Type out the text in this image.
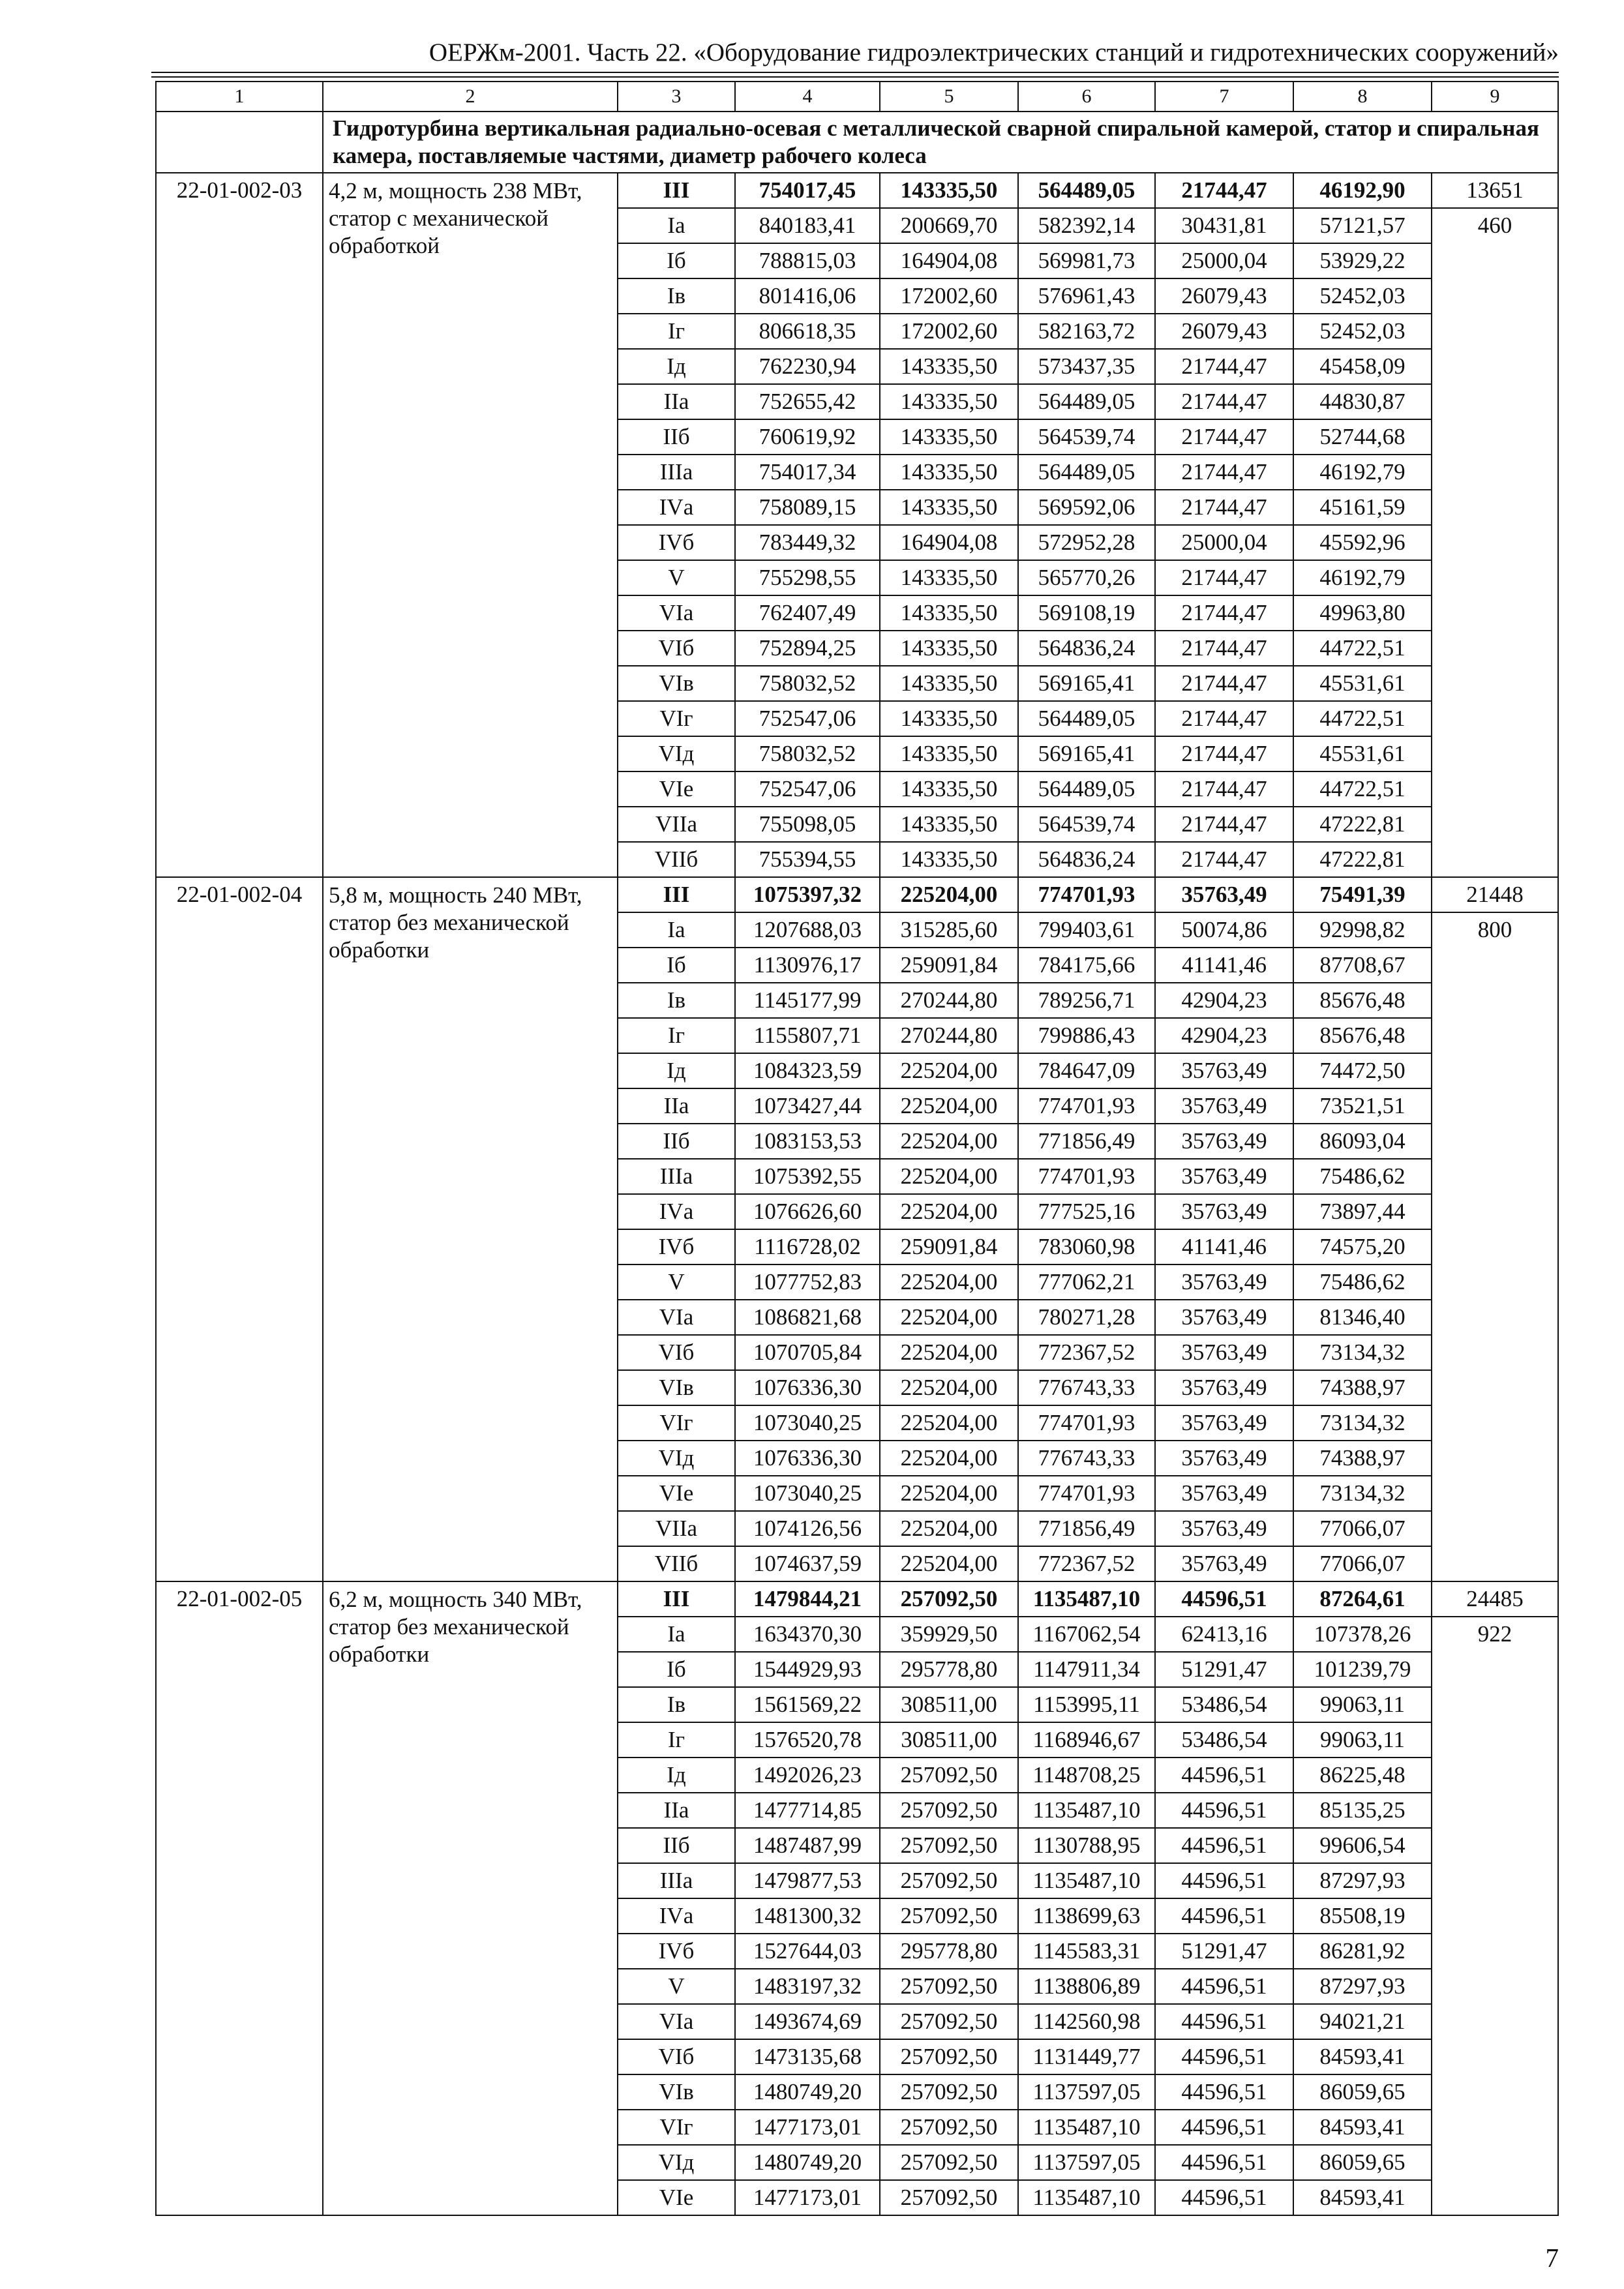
ОЕРЖм-2001. Часть 22. «Оборудование гидроэлектрических станций и гидротехнических сооружений»
1	2	3	4	5	6	7	8	9
	Гидротурбина вертикальная радиально-осевая с металлической сварной спиральной камерой, статор и спиральная камера, поставляемые частями, диаметр рабочего колеса							
22-01-002-03	4,2 м, мощность 238 МВт, статор с механической обработкой	III	754017,45	143335,50	564489,05	21744,47	46192,90	13651
		Iа	840183,41	200669,70	582392,14	30431,81	57121,57	460
		Iб	788815,03	164904,08	569981,73	25000,04	53929,22	
		Iв	801416,06	172002,60	576961,43	26079,43	52452,03	
		Iг	806618,35	172002,60	582163,72	26079,43	52452,03	
		Iд	762230,94	143335,50	573437,35	21744,47	45458,09	
		IIа	752655,42	143335,50	564489,05	21744,47	44830,87	
		IIб	760619,92	143335,50	564539,74	21744,47	52744,68	
		IIIа	754017,34	143335,50	564489,05	21744,47	46192,79	
		IVа	758089,15	143335,50	569592,06	21744,47	45161,59	
		IVб	783449,32	164904,08	572952,28	25000,04	45592,96	
		V	755298,55	143335,50	565770,26	21744,47	46192,79	
		VIа	762407,49	143335,50	569108,19	21744,47	49963,80	
		VIб	752894,25	143335,50	564836,24	21744,47	44722,51	
		VIв	758032,52	143335,50	569165,41	21744,47	45531,61	
		VIг	752547,06	143335,50	564489,05	21744,47	44722,51	
		VIд	758032,52	143335,50	569165,41	21744,47	45531,61	
		VIе	752547,06	143335,50	564489,05	21744,47	44722,51	
		VIIа	755098,05	143335,50	564539,74	21744,47	47222,81	
		VIIб	755394,55	143335,50	564836,24	21744,47	47222,81	
22-01-002-04	5,8 м, мощность 240 МВт, статор без механической обработки	III	1075397,32	225204,00	774701,93	35763,49	75491,39	21448
		Iа	1207688,03	315285,60	799403,61	50074,86	92998,82	800
		Iб	1130976,17	259091,84	784175,66	41141,46	87708,67	
		Iв	1145177,99	270244,80	789256,71	42904,23	85676,48	
		Iг	1155807,71	270244,80	799886,43	42904,23	85676,48	
		Iд	1084323,59	225204,00	784647,09	35763,49	74472,50	
		IIа	1073427,44	225204,00	774701,93	35763,49	73521,51	
		IIб	1083153,53	225204,00	771856,49	35763,49	86093,04	
		IIIа	1075392,55	225204,00	774701,93	35763,49	75486,62	
		IVа	1076626,60	225204,00	777525,16	35763,49	73897,44	
		IVб	1116728,02	259091,84	783060,98	41141,46	74575,20	
		V	1077752,83	225204,00	777062,21	35763,49	75486,62	
		VIа	1086821,68	225204,00	780271,28	35763,49	81346,40	
		VIб	1070705,84	225204,00	772367,52	35763,49	73134,32	
		VIв	1076336,30	225204,00	776743,33	35763,49	74388,97	
		VIг	1073040,25	225204,00	774701,93	35763,49	73134,32	
		VIд	1076336,30	225204,00	776743,33	35763,49	74388,97	
		VIе	1073040,25	225204,00	774701,93	35763,49	73134,32	
		VIIа	1074126,56	225204,00	771856,49	35763,49	77066,07	
		VIIб	1074637,59	225204,00	772367,52	35763,49	77066,07	
22-01-002-05	6,2 м, мощность 340 МВт, статор без механической обработки	III	1479844,21	257092,50	1135487,10	44596,51	87264,61	24485
		Iа	1634370,30	359929,50	1167062,54	62413,16	107378,26	922
		Iб	1544929,93	295778,80	1147911,34	51291,47	101239,79	
		Iв	1561569,22	308511,00	1153995,11	53486,54	99063,11	
		Iг	1576520,78	308511,00	1168946,67	53486,54	99063,11	
		Iд	1492026,23	257092,50	1148708,25	44596,51	86225,48	
		IIа	1477714,85	257092,50	1135487,10	44596,51	85135,25	
		IIб	1487487,99	257092,50	1130788,95	44596,51	99606,54	
		IIIа	1479877,53	257092,50	1135487,10	44596,51	87297,93	
		IVа	1481300,32	257092,50	1138699,63	44596,51	85508,19	
		IVб	1527644,03	295778,80	1145583,31	51291,47	86281,92	
		V	1483197,32	257092,50	1138806,89	44596,51	87297,93	
		VIа	1493674,69	257092,50	1142560,98	44596,51	94021,21	
		VIб	1473135,68	257092,50	1131449,77	44596,51	84593,41	
		VIв	1480749,20	257092,50	1137597,05	44596,51	86059,65	
		VIг	1477173,01	257092,50	1135487,10	44596,51	84593,41	
		VIд	1480749,20	257092,50	1137597,05	44596,51	86059,65	
		VIе	1477173,01	257092,50	1135487,10	44596,51	84593,41	
7
